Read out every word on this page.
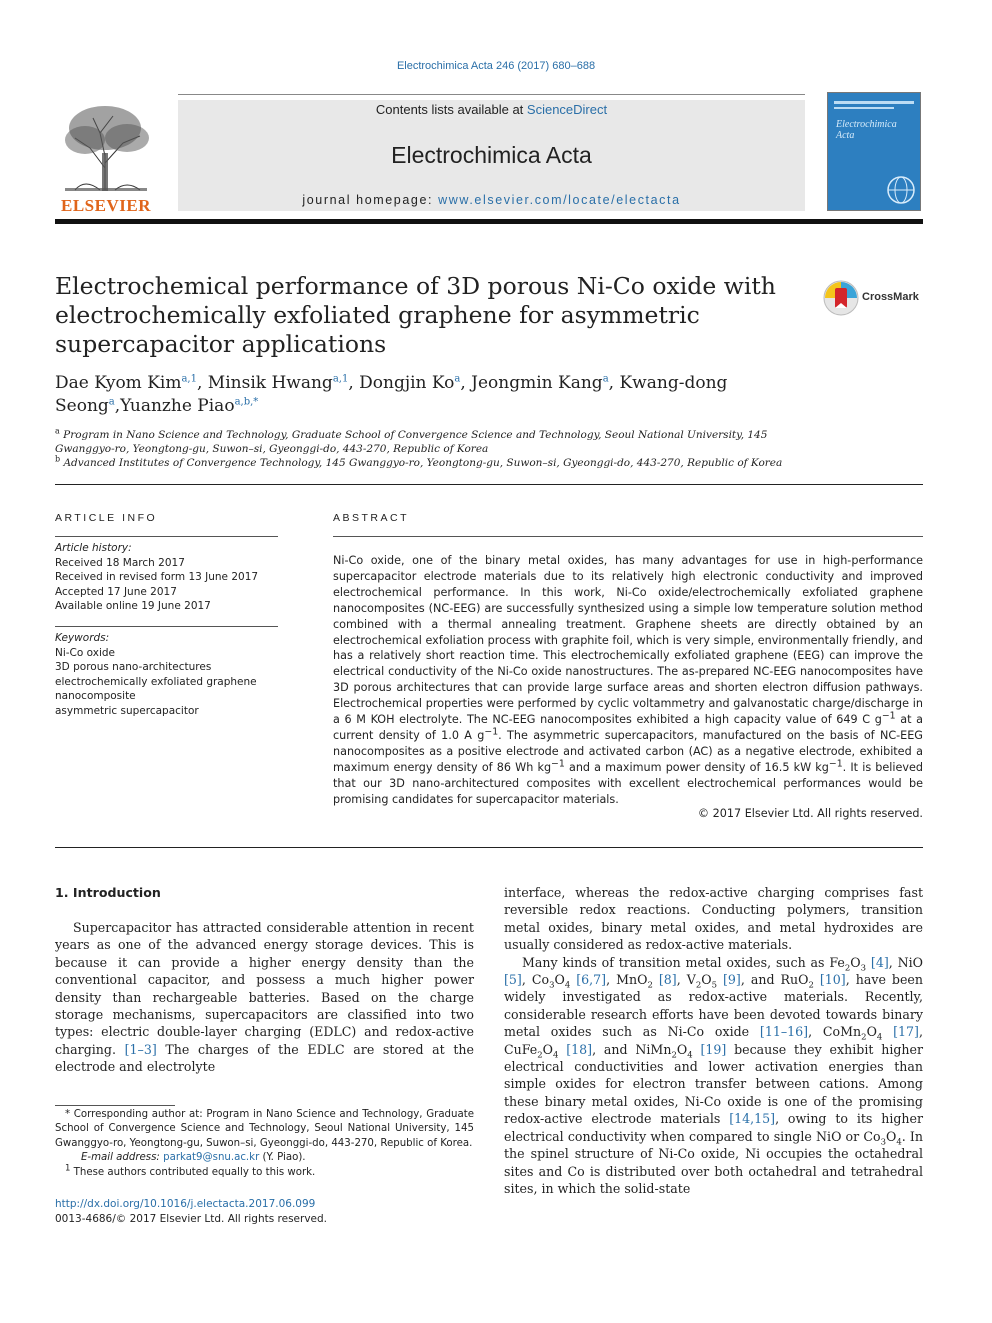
Electrochimica Acta 246 (2017) 680–688
ELSEVIER
Contents lists available at ScienceDirect
Electrochimica Acta
journal homepage: www.elsevier.com/locate/electacta
Electrochimica Acta
Electrochemical performance of 3D porous Ni-Co oxide with electrochemically exfoliated graphene for asymmetric supercapacitor applications
CrossMark
Dae Kyom Kim$^{a,1}$, Minsik Hwang$^{a,1}$, Dongjin Ko$^a$, Jeongmin Kang$^a$, Kwang-dong Seong$^a$,Yuanzhe Piao$^{a,b,*}$
$^a$ Program in Nano Science and Technology, Graduate School of Convergence Science and Technology, Seoul National University, 145 Gwanggyo-ro, Yeongtong-gu, Suwon–si, Gyeonggi-do, 443-270, Republic of Korea
$^b$ Advanced Institutes of Convergence Technology, 145 Gwanggyo-ro, Yeongtong-gu, Suwon–si, Gyeonggi-do, 443-270, Republic of Korea
ARTICLE INFO
Article history:
Received 18 March 2017
Received in revised form 13 June 2017
Accepted 17 June 2017
Available online 19 June 2017
Keywords:
Ni-Co oxide
3D porous nano-architectures
electrochemically exfoliated graphene
nanocomposite
asymmetric supercapacitor
ABSTRACT
Ni-Co oxide, one of the binary metal oxides, has many advantages for use in high-performance supercapacitor electrode materials due to its relatively high electronic conductivity and improved electrochemical performance. In this work, Ni-Co oxide/electrochemically exfoliated graphene nanocomposites (NC-EEG) are successfully synthesized using a simple low temperature solution method combined with a thermal annealing treatment. Graphene sheets are directly obtained by an electrochemical exfoliation process with graphite foil, which is very simple, environmentally friendly, and has a relatively short reaction time. This electrochemically exfoliated graphene (EEG) can improve the electrical conductivity of the Ni-Co oxide nanostructures. The as-prepared NC-EEG nanocomposites have 3D porous architectures that can provide large surface areas and shorten electron diffusion pathways. Electrochemical properties were performed by cyclic voltammetry and galvanostatic charge/discharge in a 6 M KOH electrolyte. The NC-EEG nanocomposites exhibited a high capacity value of 649 C $g^{-1}$ at a current density of 1.0 A $g^{-1}$. The asymmetric supercapacitors, manufactured on the basis of NC-EEG nanocomposites as a positive electrode and activated carbon (AC) as a negative electrode, exhibited a maximum energy density of 86 Wh $kg^{-1}$ and a maximum power density of 16.5 kW $kg^{-1}$. It is believed that our 3D nano-architectured composites with excellent electrochemical performances would be promising candidates for supercapacitor materials.
© 2017 Elsevier Ltd. All rights reserved.
1. Introduction

Supercapacitor has attracted considerable attention in recent years as one of the advanced energy storage devices. This is because it can provide a higher energy density than the conventional capacitor, and possess a much higher power density than rechargeable batteries. Based on the charge storage mechanisms, supercapacitors are classified into two types: electric double-layer charging (EDLC) and redox-active charging. [1–3] The charges of the EDLC are stored at the electrode and electrolyte

interface, whereas the redox-active charging comprises fast reversible redox reactions. Conducting polymers, transition metal oxides, binary metal oxides, and metal hydroxides are usually considered as redox-active materials.

Many kinds of transition metal oxides, such as $Fe_2O_3$ [4], NiO [5], $Co_3O_4$ [6,7], MnO$_2$ [8], $V_2O_5$ [9], and RuO$_2$ [10], have been widely investigated as redox-active materials. Recently, considerable research efforts have been devoted towards binary metal oxides such as Ni-Co oxide [11–16], $CoMn_2O_4$ [17], $CuFe_2O_4$ [18], and $NiMn_2O_4$ [19] because they exhibit higher electrical conductivities and lower activation energies than simple oxides for electron transfer between cations. Among these binary metal oxides, Ni-Co oxide is one of the promising redox-active electrode materials [14,15], owing to its higher electrical conductivity when compared to single NiO or $Co_3O_4$. In the spinel structure of Ni-Co oxide, Ni occupies the octahedral sites and Co is distributed over both octahedral and tetrahedral sites, in which the solid-state

* Corresponding author at: Program in Nano Science and Technology, Graduate School of Convergence Science and Technology, Seoul National University, 145 Gwanggyo-ro, Yeongtong-gu, Suwon–si, Gyeonggi-do, 443-270, Republic of Korea.

E-mail address: parkat9@snu.ac.kr (Y. Piao).

$^1$ These authors contributed equally to this work.

http://dx.doi.org/10.1016/j.electacta.2017.06.099
0013-4686/© 2017 Elsevier Ltd. All rights reserved.
